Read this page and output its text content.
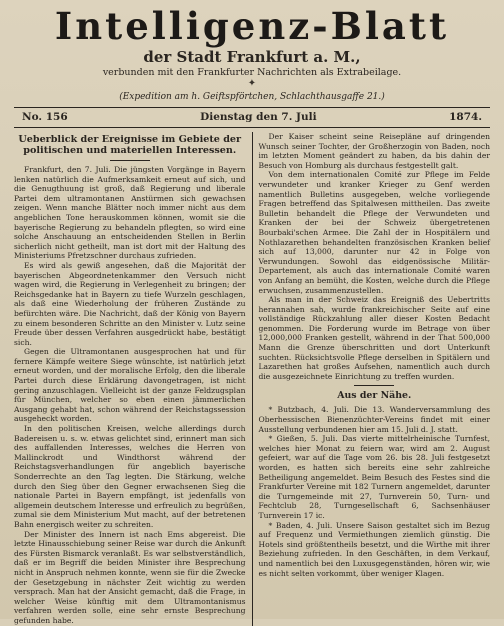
Intelligenz-Blatt
der Stadt Frankfurt a. M.,
verbunden mit den Frankfurter Nachrichten als Extrabeilage.
✦
(Expedition am h. Geiftspförtchen, Schlachthausgaffe 21.)
No. 156	Dienstag den 7. Juli	1874.
Ueberblick der Ereignisse im Gebiete der politischen und materiellen Interessen.

Frankfurt, den 7. Juli. Die jüngsten Vorgänge in Bayern lenken natürlich die Aufmerksamkeit erneut auf sich, und die Genugthuung ist groß, daß Regierung und liberale Partei dem ultramontanen Anstürmen sich gewachsen zeigen. Wenn manche Blätter noch immer nicht aus dem angeblichen Tone herauskommen können, womit sie die bayerische Regierung zu behandeln pflegten, so wird eine solche Anschauung an entscheidenden Stellen in Berlin sicherlich nicht getheilt, man ist dort mit der Haltung des Ministeriums Pfretzschner durchaus zufrieden.

Es wird als gewiß angesehen, daß die Majorität der bayerischen Abgeordnetenkammer den Versuch nicht wagen wird, die Regierung in Verlegenheit zu bringen; der Reichsgedanke hat in Bayern zu tiefe Wurzeln geschlagen, als daß eine Wiederholung der früheren Zustände zu befürchten wäre. Die Nachricht, daß der König von Bayern zu einem besonderen Schritte an den Minister v. Lutz seine Freude über dessen Verfahren ausgedrückt habe, bestätigt sich.

Gegen die Ultramontanen ausgesprochen hat und für fernere Kämpfe weitere Siege wünschte, ist natürlich jetzt erneut worden, und der moralische Erfolg, den die liberale Partei durch diese Erklärung davongetragen, ist nicht gering anzuschlagen. Vielleicht ist der ganze Feldzugsplan für München, welcher so eben einen jämmerlichen Ausgang gehabt hat, schon während der Reichstagssession ausgeheckt worden.

In den politischen Kreisen, welche allerdings durch Badereisen u. s. w. etwas gelichtet sind, erinnert man sich des auffallenden Interesses, welches die Herren von Mallinckrodt und Windthorst während der Reichstagsverhandlungen für angeblich bayerische Sonderrechte an den Tag legten. Die Stärkung, welche durch den Sieg über den Gegner erwachsenen Sieg die nationale Partei in Bayern empfängt, ist jedenfalls von allgemein deutschem Interesse und erfreulich zu begrüßen, zumal sie dem Ministerium Mut macht, auf der betretenen Bahn energisch weiter zu schreiten.

Der Minister des Innern ist nach Ems abgereist. Die letzte Hinausschiebung seiner Reise war durch die Ankunft des Fürsten Bismarck veranlaßt. Es war selbstverständlich, daß er im Begriff die beiden Minister ihre Besprechung nicht in Anspruch nehmen konnte, wenn sie für die Zwecke der Gesetzgebung in nächster Zeit wichtig zu werden versprach. Man hat der Ansicht gemacht, daß die Frage, in welcher Weise künftig mit dem Ultramontanismus verfahren werden solle, eine sehr ernste Besprechung gefunden habe.

Der Kaiser scheint seine Reisepläne auf dringenden Wunsch seiner Tochter, der Großherzogin von Baden, noch im letzten Moment geändert zu haben, da bis dahin der Besuch von Homburg als durchaus festgestellt galt.

Von dem internationalen Comité zur Pflege im Felde verwundeter und kranker Krieger zu Genf werden namentlich Bulletins ausgegeben, welche vorliegende Fragen betreffend das Spitalwesen mittheilen. Das zweite Bulletin behandelt die Pflege der Verwundeten und Kranken der bei der Schweiz übergetretenen Bourbaki'schen Armee. Die Zahl der in Hospitälern und Nothlazarethen behandelten französischen Kranken belief sich auf 13,000, darunter nur 42 in Folge von Verwundungen. Sowohl das eidgenössische Militär-Departement, als auch das internationale Comité waren von Anfang an bemüht, die Kosten, welche durch die Pflege erwuchsen, zusammenzustellen.

Als man in der Schweiz das Ereigniß des Uebertritts herannahen sah, wurde frankreichischer Seite auf eine vollständige Rückzahlung aller dieser Kosten Bedacht genommen. Die Forderung wurde im Betrage von über 12,000,000 Franken gestellt, während in der That 500,000 Mann die Grenze überschritten und dort Unterkunft suchten. Rücksichtsvolle Pflege derselben in Spitälern und Lazarethen hat großes Aufsehen, namentlich auch durch die ausgezeichnete Einrichtung zu treffen wurden.

Aus der Nähe.

* Butzbach, 4. Juli. Die 13. Wanderversammlung des Oberhessischen Bienenzüchter-Vereins findet mit einer Ausstellung verbundenen hier am 15. Juli d. J. statt.

* Gießen, 5. Juli. Das vierte mittelrheinische Turnfest, welches hier Monat zu feiern war, wird am 2. August gefeiert, war auf die Tage vom 26. bis 28. Juli festgesetzt worden, es hatten sich bereits eine sehr zahlreiche Betheiligung angemeldet. Beim Besuch des Festes sind die Frankfurter Vereine mit 182 Turnern angemeldet, darunter die Turngemeinde mit 27, Turnverein 50, Turn- und Fechtclub 28, Turngesellschaft 6, Sachsenhäuser Turnverein 17 ic.

* Baden, 4. Juli. Unsere Saison gestaltet sich im Bezug auf Frequenz und Vermiethungen ziemlich günstig. Die Hotels sind größtentheils besetzt, und die Wirthe mit ihrer Beziehung zufrieden. In den Geschäften, in dem Verkauf, und namentlich bei den Luxusgegenständen, hören wir, wie es nicht selten vorkommt, über weniger Klagen.
